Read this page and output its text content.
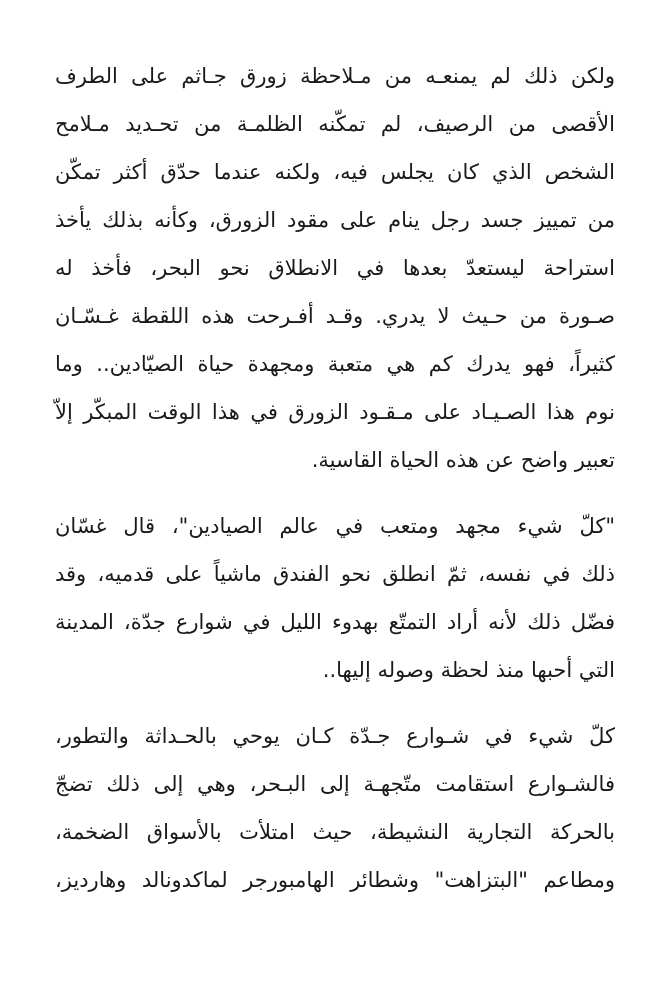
ولكن ذلك لم يمنعـه من مـلاحظة زورق جـاثم على الطرف
الأقصى من الرصيف، لم تمكّنه الظلمـة من تحـديد مـلامح
الشخص الذي كان يجلس فيه، ولكنه عندما حدّق أكثر تمكّن
من تمييز جسد رجل ينام على مقود الزورق، وكأنه بذلك يأخذ
استراحة ليستعدّ بعدها في الانطلاق نحو البحر، فأخذ له
صـورة من حـيث لا يدري. وقـد أفـرحت هذه اللقطة غـسّـان
كثيراً، فهو يدرك كم هي متعبة ومجهدة حياة الصيّادين.. وما
نوم هذا الصـيـاد على مـقـود الزورق في هذا الوقت المبكّر إلاّ
تعبير واضح عن هذه الحياة القاسية.

"كلّ شيء مجهد ومتعب في عالم الصيادين"، قال غسّان
ذلك في نفسه، ثمّ انطلق نحو الفندق ماشياً على قدميه، وقد
فضّل ذلك لأنه أراد التمتّع بهدوء الليل في شوارع جدّة، المدينة
التي أحبها منذ لحظة وصوله إليها..

كلّ شيء في شـوارع جـدّة كـان يوحي بالحـداثة والتطور،
فالشـوارع استقامت متّجهـة إلى البـحر، وهي إلى ذلك تضجّ
بالحركة التجارية النشيطة، حيث امتلأت بالأسواق الضخمة،
ومطاعم "البتزاهت" وشطائر الهامبورجر لماكدونالد وهارديز،
